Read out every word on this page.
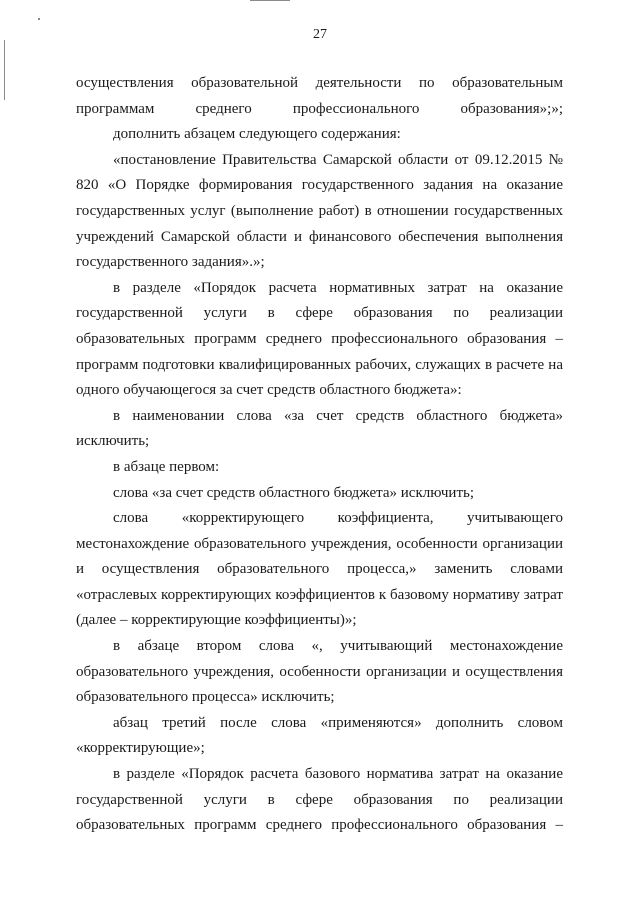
27

осуществления образовательной деятельности по образовательным программам среднего профессионального образования»;»;

дополнить абзацем следующего содержания:

«постановление Правительства Самарской области от 09.12.2015 № 820 «О Порядке формирования государственного задания на оказание государственных услуг (выполнение работ) в отношении государственных учреждений Самарской области и финансового обеспечения выполнения государственного задания».»;

в разделе «Порядок расчета нормативных затрат на оказание государственной услуги в сфере образования по реализации образовательных программ среднего профессионального образования – программ подготовки квалифицированных рабочих, служащих в расчете на одного обучающегося за счет средств областного бюджета»:

в наименовании слова «за счет средств областного бюджета» исключить;

в абзаце первом:

слова «за счет средств областного бюджета» исключить;

слова «корректирующего коэффициента, учитывающего местонахождение образовательного учреждения, особенности организации и осуществления образовательного процесса,» заменить словами «отраслевых корректирующих коэффициентов к базовому нормативу затрат (далее – корректирующие коэффициенты)»;

в абзаце втором слова «, учитывающий местонахождение образовательного учреждения, особенности организации и осуществления образовательного процесса» исключить;

абзац третий после слова «применяются» дополнить словом «корректирующие»;

в разделе «Порядок расчета базового норматива затрат на оказание государственной услуги в сфере образования по реализации образовательных программ среднего профессионального образования –
